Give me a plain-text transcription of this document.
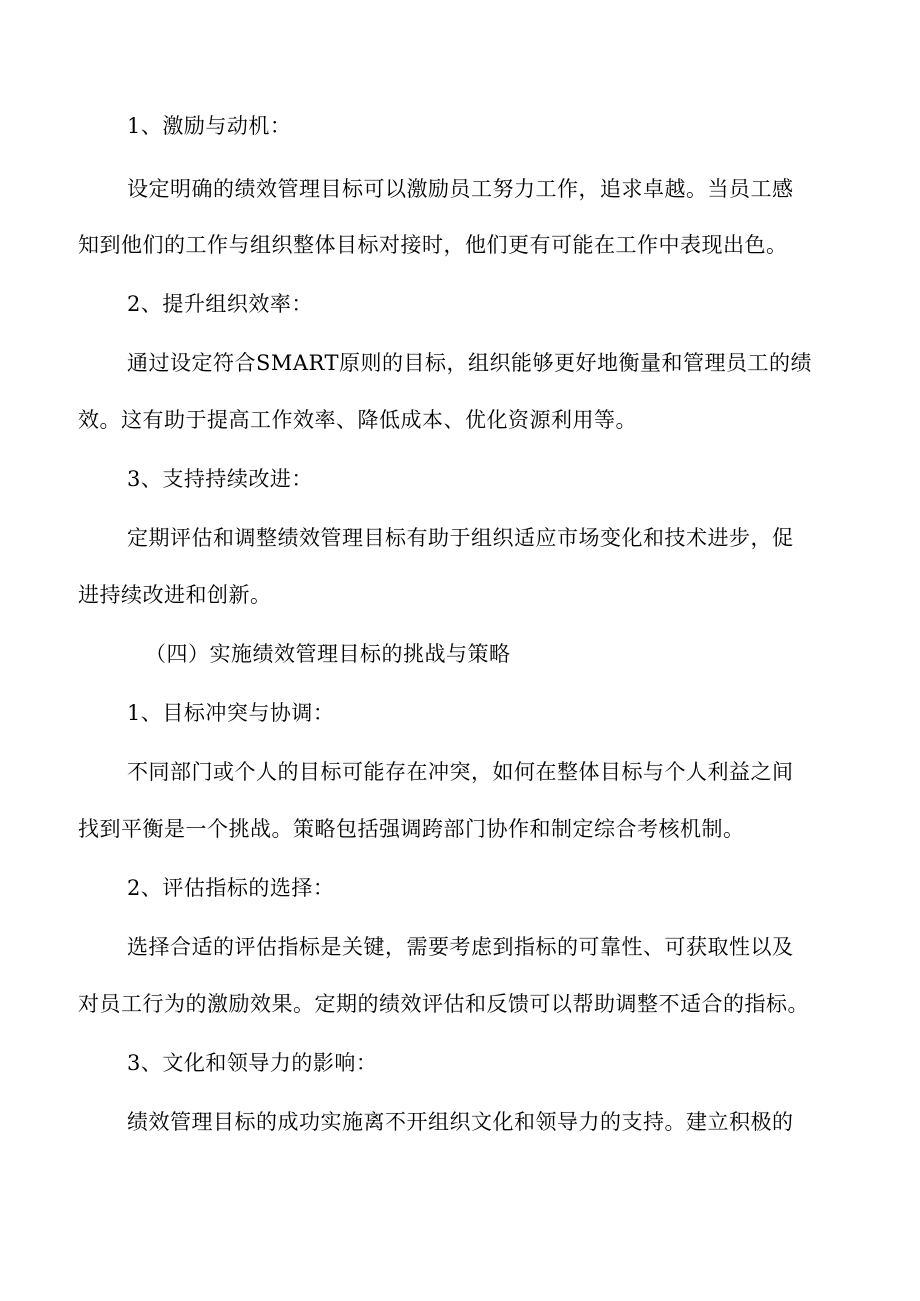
1、激励与动机：
设定明确的绩效管理目标可以激励员工努力工作，追求卓越。当员工感
知到他们的工作与组织整体目标对接时，他们更有可能在工作中表现出色。
2、提升组织效率：
通过设定符合SMART原则的目标，组织能够更好地衡量和管理员工的绩
效。这有助于提高工作效率、降低成本、优化资源利用等。
3、支持持续改进：
定期评估和调整绩效管理目标有助于组织适应市场变化和技术进步，促
进持续改进和创新。
（四）实施绩效管理目标的挑战与策略
1、目标冲突与协调：
不同部门或个人的目标可能存在冲突，如何在整体目标与个人利益之间
找到平衡是一个挑战。策略包括强调跨部门协作和制定综合考核机制。
2、评估指标的选择：
选择合适的评估指标是关键，需要考虑到指标的可靠性、可获取性以及
对员工行为的激励效果。定期的绩效评估和反馈可以帮助调整不适合的指标。
3、文化和领导力的影响：
绩效管理目标的成功实施离不开组织文化和领导力的支持。建立积极的
